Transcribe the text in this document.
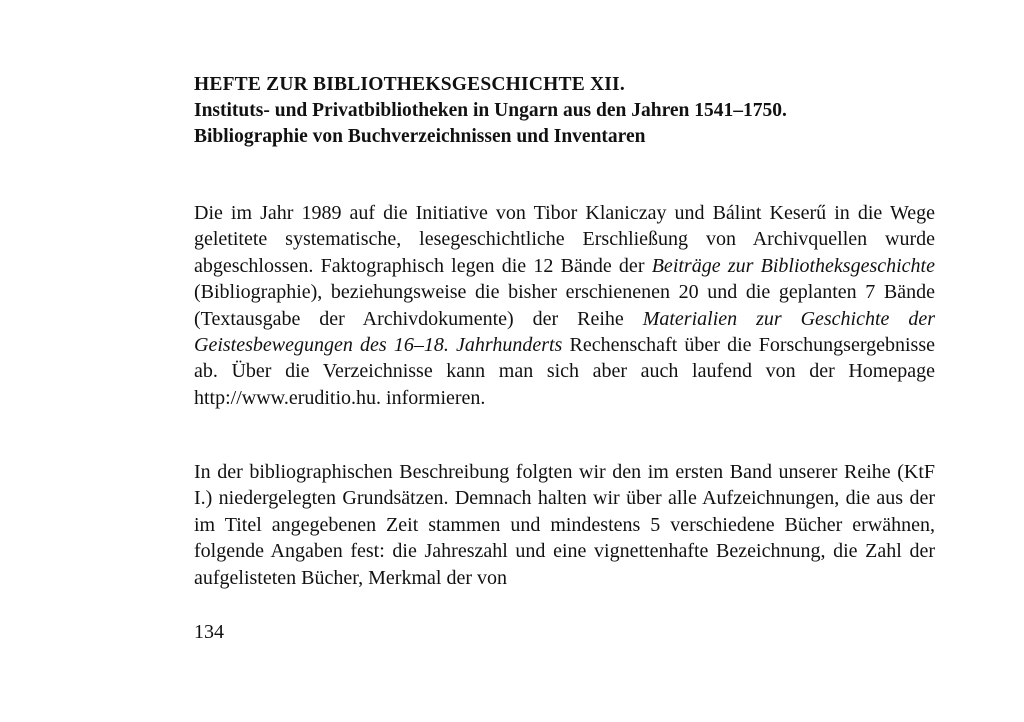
HEFTE ZUR BIBLIOTHEKSGESCHICHTE XII.
Instituts- und Privatbibliotheken in Ungarn aus den Jahren 1541–1750.
Bibliographie von Buchverzeichnissen und Inventaren

Die im Jahr 1989 auf die Initiative von Tibor Klaniczay und Bálint Keserű in die Wege geletitete systematische, lesegeschichtliche Erschließung von Archivquellen wurde abgeschlossen. Faktographisch legen die 12 Bände der Beiträge zur Bibliotheksgeschichte (Bibliographie), beziehungsweise die bisher erschienenen 20 und die geplanten 7 Bände (Textausgabe der Archivdokumente) der Reihe Materialien zur Geschichte der Geistesbewegungen des 16–18. Jahrhunderts Rechenschaft über die Forschungsergebnisse ab. Über die Verzeichnisse kann man sich aber auch laufend von der Homepage http://www.eruditio.hu. informieren.

In der bibliographischen Beschreibung folgten wir den im ersten Band unserer Reihe (KtF I.) niedergelegten Grundsätzen. Demnach halten wir über alle Aufzeichnungen, die aus der im Titel angegebenen Zeit stammen und mindestens 5 verschiedene Bücher erwähnen, folgende Angaben fest: die Jahreszahl und eine vignettenhafte Bezeichnung, die Zahl der aufgelisteten Bücher, Merkmal der von

134
